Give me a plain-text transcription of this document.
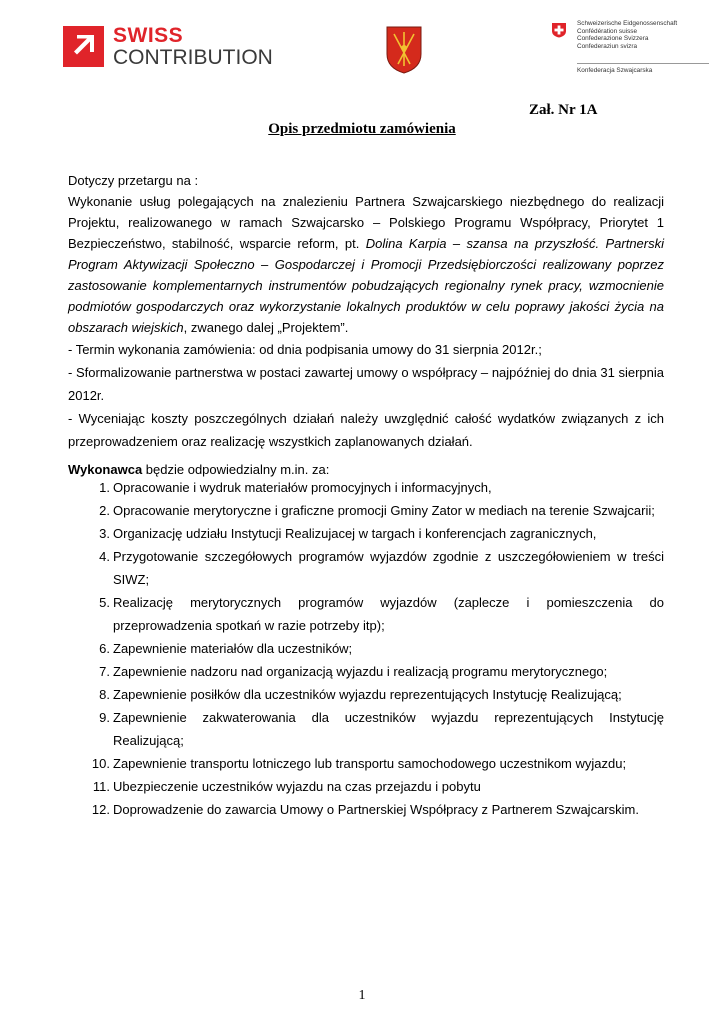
SWISS
CONTRIBUTION
Schweizerische Eidgenossenschaft
Confédération suisse
Confederazione Svizzera
Confederaziun svizra
Konfederacja Szwajcarska
Zał. Nr 1A
Opis przedmiotu zamówienia

Dotyczy przetargu na :

Wykonanie usług polegających na znalezieniu Partnera Szwajcarskiego niezbędnego do realizacji Projektu, realizowanego w ramach Szwajcarsko – Polskiego Programu Współpracy, Priorytet 1 Bezpieczeństwo, stabilność, wsparcie reform, pt. Dolina Karpia – szansa na przyszłość. Partnerski Program Aktywizacji Społeczno – Gospodarczej i Promocji Przedsiębiorczości realizowany poprzez zastosowanie komplementarnych instrumentów pobudzających regionalny rynek pracy, wzmocnienie podmiotów gospodarczych oraz wykorzystanie lokalnych produktów w celu poprawy jakości życia na obszarach wiejskich, zwanego dalej „Projektem”.

- Termin wykonania zamówienia: od dnia podpisania umowy do 31 sierpnia 2012r.;

- Sformalizowanie partnerstwa w postaci zawartej umowy o współpracy – najpóźniej do dnia 31 sierpnia 2012r.

- Wyceniając koszty poszczególnych działań należy uwzględnić całość wydatków związanych z ich przeprowadzeniem oraz realizację wszystkich zaplanowanych działań.

Wykonawca będzie odpowiedzialny m.in. za:
1. Opracowanie i wydruk materiałów promocyjnych i informacyjnych,
2. Opracowanie merytoryczne i graficzne promocji Gminy Zator w mediach na terenie Szwajcarii;
3. Organizację udziału Instytucji Realizujacej w targach i konferencjach zagranicznych,
4. Przygotowanie szczegółowych programów wyjazdów zgodnie z uszczegółowieniem w treści SIWZ;
5. Realizację merytorycznych programów wyjazdów (zaplecze i pomieszczenia do przeprowadzenia spotkań w razie potrzeby itp);
6. Zapewnienie materiałów dla uczestników;
7. Zapewnienie nadzoru nad organizacją wyjazdu i realizacją programu merytorycznego;
8. Zapewnienie posiłków dla uczestników wyjazdu reprezentujących Instytucję Realizującą;
9. Zapewnienie zakwaterowania dla uczestników wyjazdu reprezentujących Instytucję Realizującą;
10. Zapewnienie transportu lotniczego lub transportu samochodowego uczestnikom wyjazdu;
11. Ubezpieczenie uczestników wyjazdu na czas przejazdu i pobytu
12. Doprowadzenie do zawarcia Umowy o Partnerskiej Współpracy z Partnerem Szwajcarskim.
1
